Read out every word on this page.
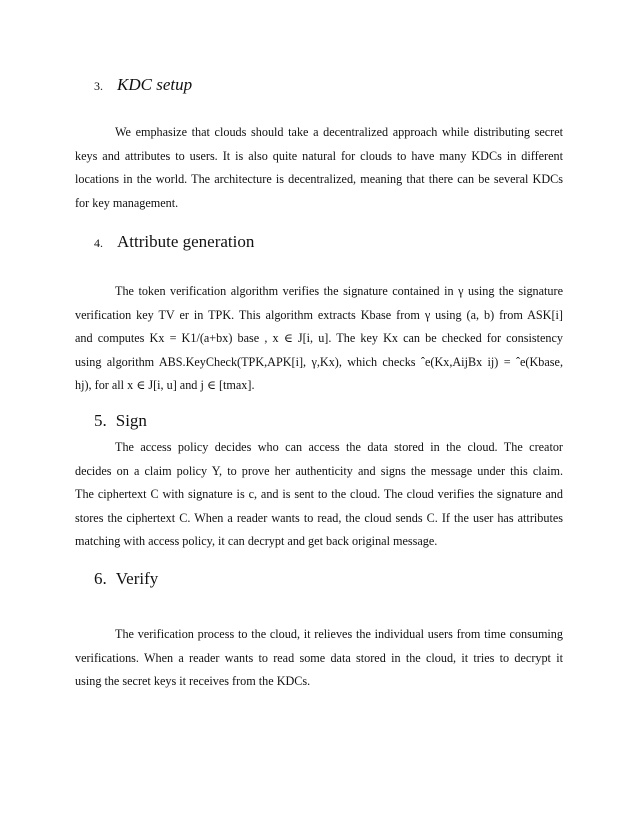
3. KDC setup
We emphasize that clouds should take a decentralized approach while distributing secret
keys and attributes to users. It is also quite natural for clouds to have many KDCs in different
locations in the world. The architecture is decentralized, meaning that there can be several KDCs
for key management.
4. Attribute generation
The token verification algorithm verifies the signature contained in γ using the signature
verification key TV er in TPK. This algorithm extracts Kbase from γ using (a, b) from ASK[i]
and computes Kx = K1/(a+bx) base , x ∈ J[i, u]. The key Kx can be checked for consistency
using algorithm ABS.KeyCheck(TPK,APK[i], γ,Kx), which checks ˆe(Kx,AijBx ij) = ˆe(Kbase,
hj), for all x ∈ J[i, u] and j ∈ [tmax].
5. Sign
The access policy decides who can access the data stored in the cloud. The creator
decides on a claim policy Y, to prove her authenticity and signs the message under this claim.
The ciphertext C with signature is c, and is sent to the cloud. The cloud verifies the signature and
stores the ciphertext C. When a reader wants to read, the cloud sends C. If the user has attributes
matching with access policy, it can decrypt and get back original message.
6. Verify
The verification process to the cloud, it relieves the individual users from time consuming
verifications. When a reader wants to read some data stored in the cloud, it tries to decrypt it
using the secret keys it receives from the KDCs.
